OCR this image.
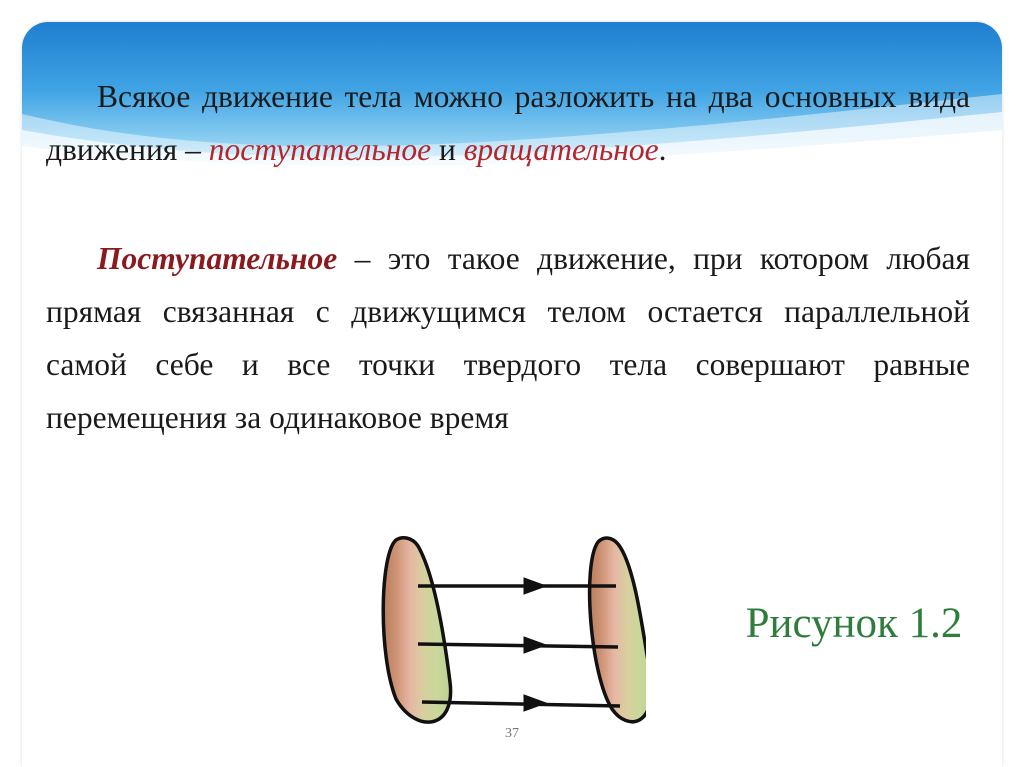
Всякое движение тела можно разложить на два основных вида движения – поступательное и вращательное.

Поступательное – это такое движение, при котором любая прямая связанная с движущимся телом остается параллельной самой себе и все точки твердого тела совершают равные перемещения за одинаковое время

Рисунок 1.2

37
